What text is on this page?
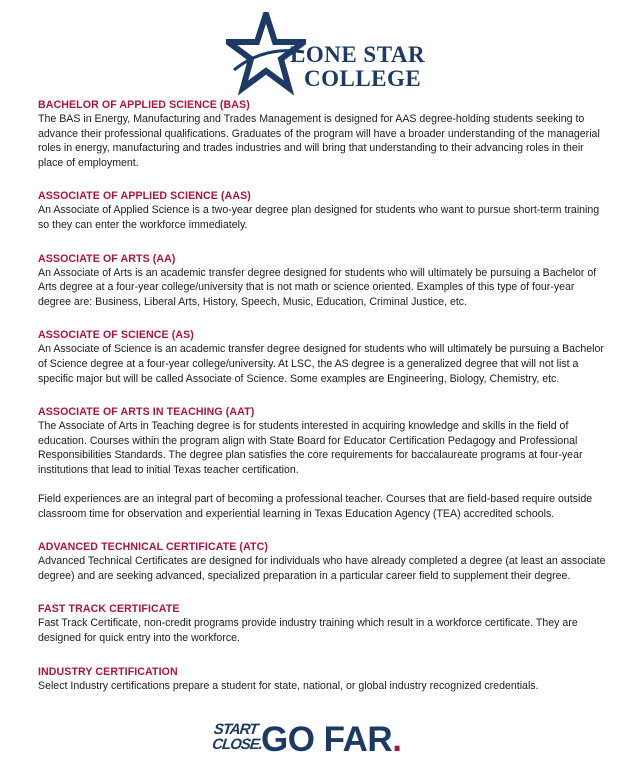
LONE STAR
COLLEGE
BACHELOR OF APPLIED SCIENCE (BAS)
The BAS in Energy, Manufacturing and Trades Management is designed for AAS degree-holding students seeking to advance their professional qualifications. Graduates of the program will have a broader understanding of the managerial roles in energy, manufacturing and trades industries and will bring that understanding to their advancing roles in their place of employment.
ASSOCIATE OF APPLIED SCIENCE (AAS)
An Associate of Applied Science is a two-year degree plan designed for students who want to pursue short-term training so they can enter the workforce immediately.
ASSOCIATE OF ARTS (AA)
An Associate of Arts is an academic transfer degree designed for students who will ultimately be pursuing a Bachelor of Arts degree at a four-year college/university that is not math or science oriented. Examples of this type of four-year degree are: Business, Liberal Arts, History, Speech, Music, Education, Criminal Justice, etc.
ASSOCIATE OF SCIENCE (AS)
An Associate of Science is an academic transfer degree designed for students who will ultimately be pursuing a Bachelor of Science degree at a four-year college/university. At LSC, the AS degree is a generalized degree that will not list a specific major but will be called Associate of Science. Some examples are Engineering, Biology, Chemistry, etc.
ASSOCIATE OF ARTS IN TEACHING (AAT)
The Associate of Arts in Teaching degree is for students interested in acquiring knowledge and skills in the field of education. Courses within the program align with State Board for Educator Certification Pedagogy and Professional Responsibilities Standards. The degree plan satisfies the core requirements for baccalaureate programs at four-year institutions that lead to initial Texas teacher certification.
Field experiences are an integral part of becoming a professional teacher. Courses that are field-based require outside classroom time for observation and experiential learning in Texas Education Agency (TEA) accredited schools.
ADVANCED TECHNICAL CERTIFICATE (ATC)
Advanced Technical Certificates are designed for individuals who have already completed a degree (at least an associate degree) and are seeking advanced, specialized preparation in a particular career field to supplement their degree.
FAST TRACK CERTIFICATE
Fast Track Certificate, non-credit programs provide industry training which result in a workforce certificate. They are designed for quick entry into the workforce.
INDUSTRY CERTIFICATION
Select Industry certifications prepare a student for state, national, or global industry recognized credentials.
START
CLOSE.
GO FAR.
